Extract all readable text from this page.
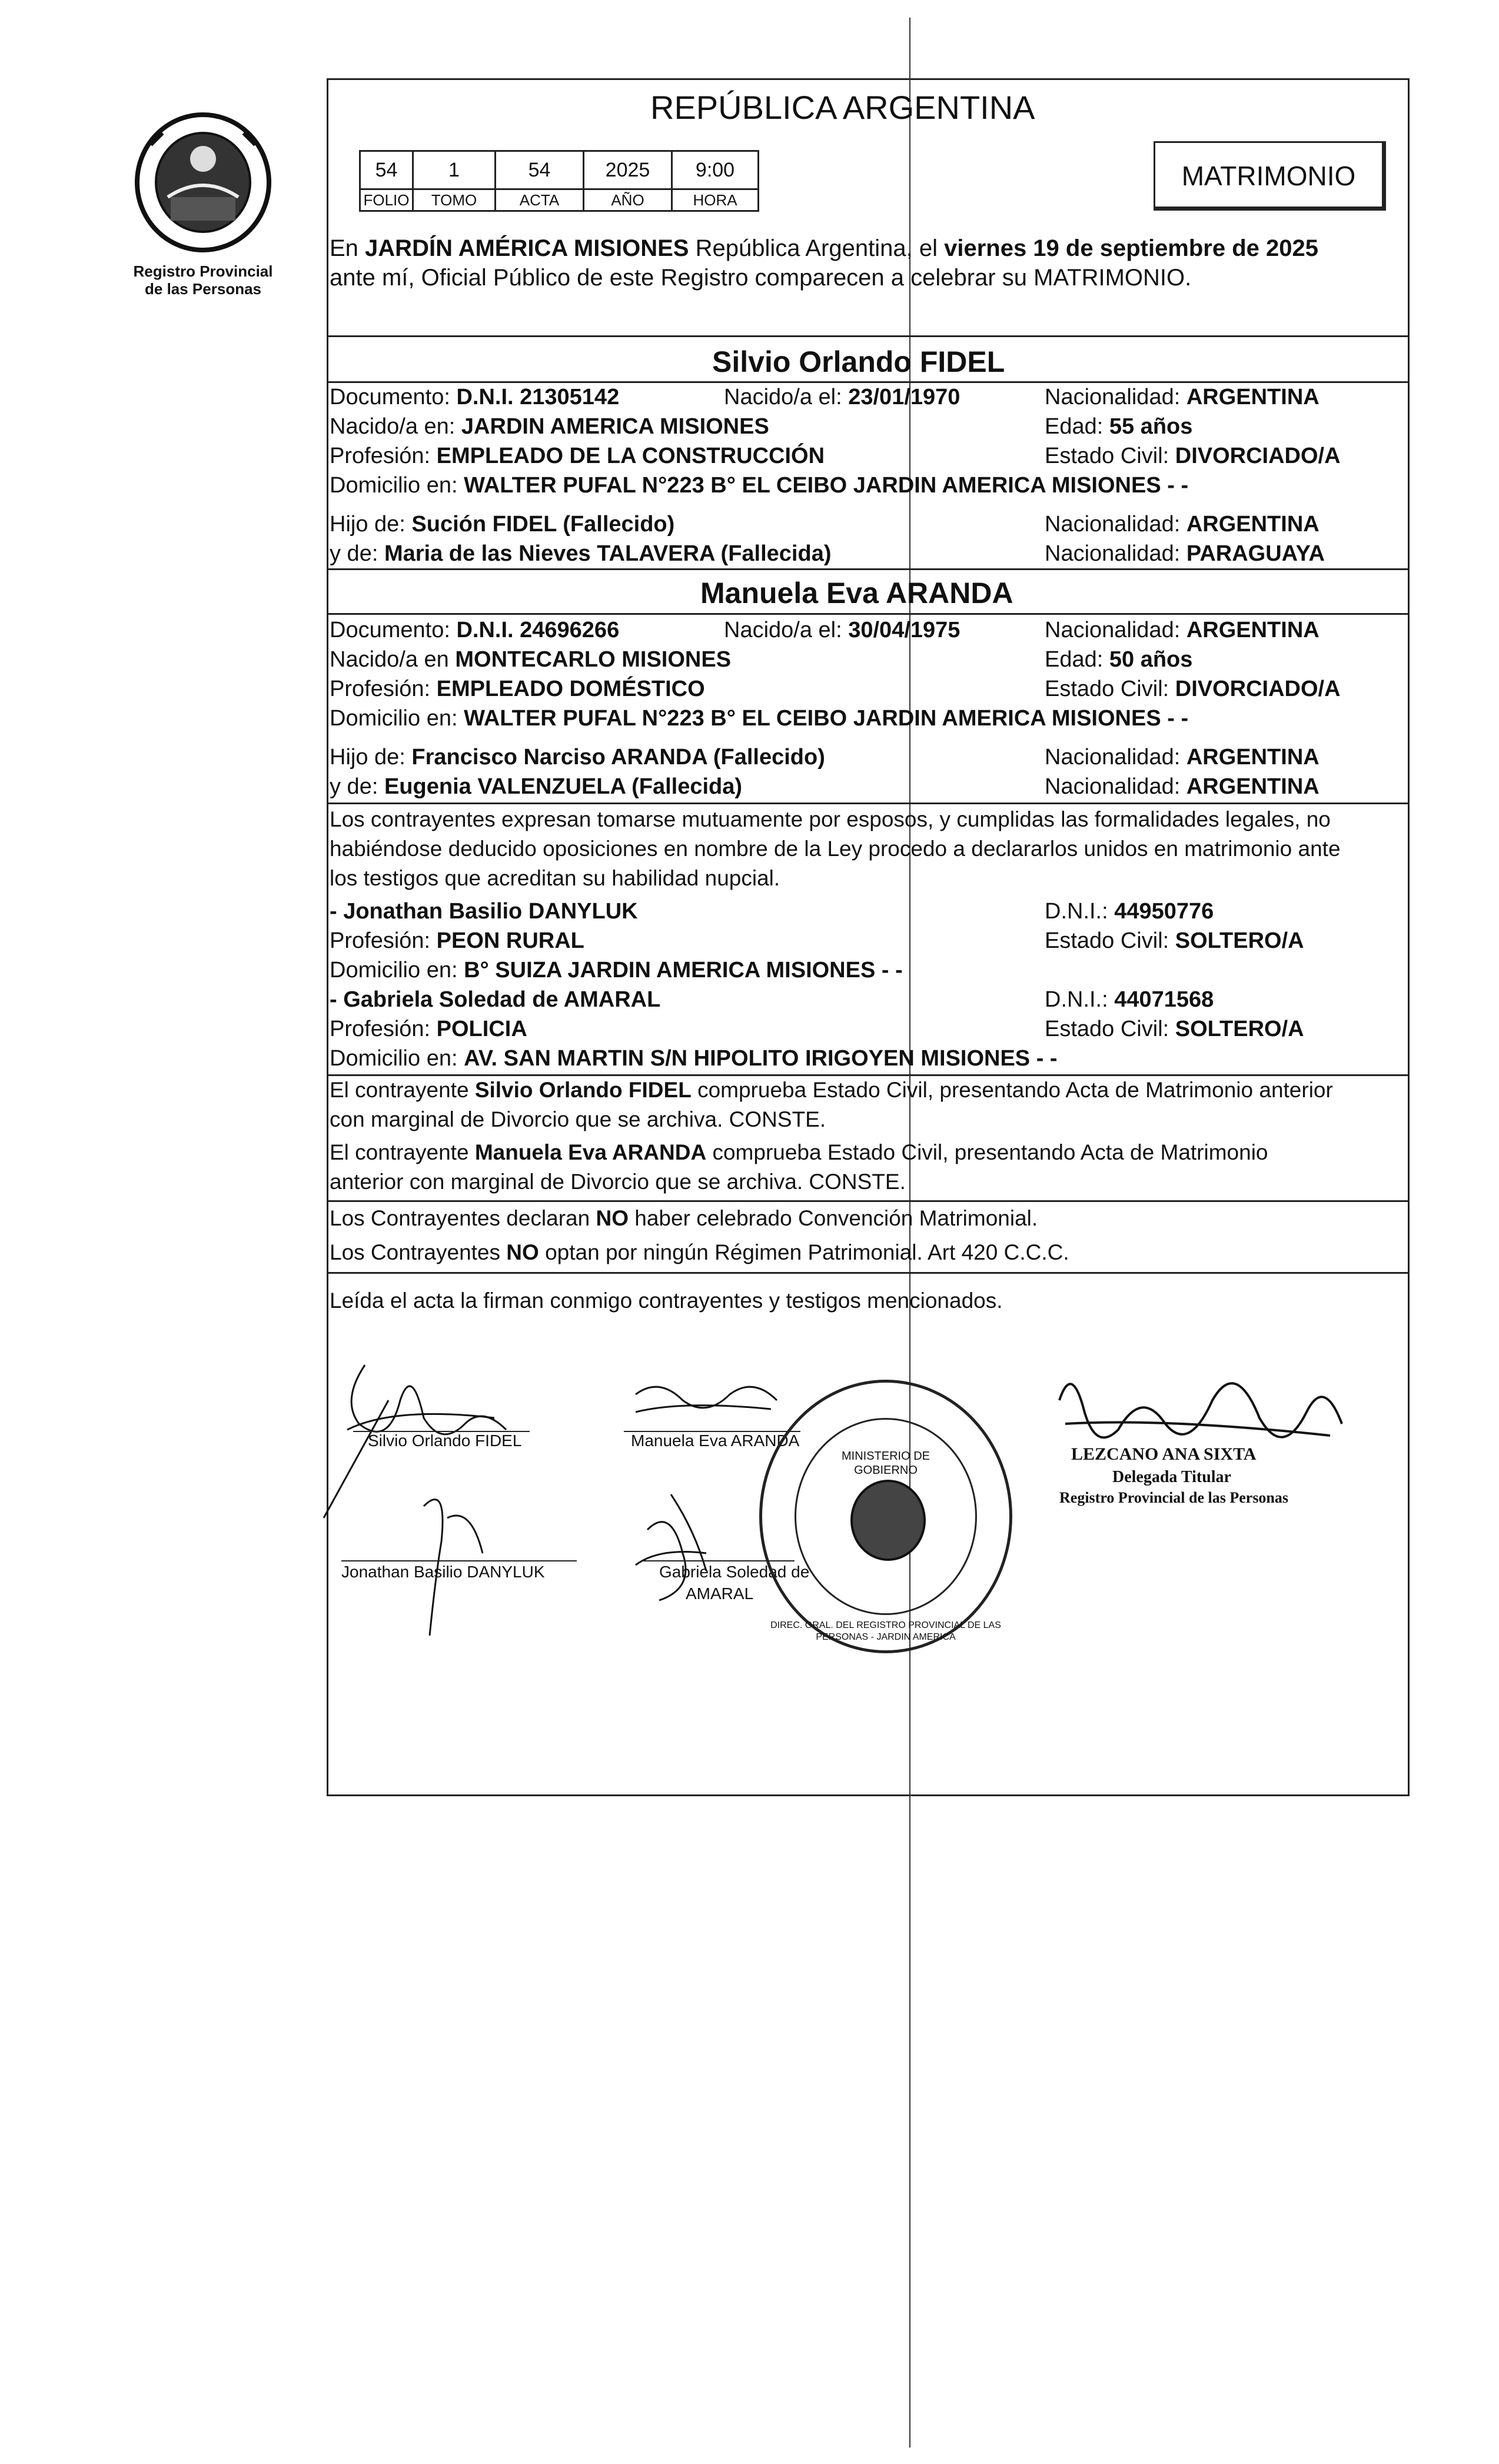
Registro Provincial
de las Personas
REPÚBLICA ARGENTINA
54	1	54	2025	9:00
FOLIO	TOMO	ACTA	AÑO	HORA
MATRIMONIO
En JARDÍN AMÉRICA MISIONES República Argentina, el viernes 19 de septiembre de 2025
ante mí, Oficial Público de este Registro comparecen a celebrar su MATRIMONIO.
Silvio Orlando FIDEL
Documento: D.N.I. 21305142	Nacido/a el: 23/01/1970	Nacionalidad: ARGENTINA
Nacido/a en: JARDIN AMERICA MISIONES	Edad: 55 años
Profesión: EMPLEADO DE LA CONSTRUCCIÓN	Estado Civil: DIVORCIADO/A
Domicilio en: WALTER PUFAL N°223 B° EL CEIBO JARDIN AMERICA MISIONES - -
Hijo de: Sución FIDEL (Fallecido)	Nacionalidad: ARGENTINA
y de: Maria de las Nieves TALAVERA (Fallecida)	Nacionalidad: PARAGUAYA
Manuela Eva ARANDA
Documento: D.N.I. 24696266	Nacido/a el: 30/04/1975	Nacionalidad: ARGENTINA
Nacido/a en MONTECARLO MISIONES	Edad: 50 años
Profesión: EMPLEADO DOMÉSTICO	Estado Civil: DIVORCIADO/A
Domicilio en: WALTER PUFAL N°223 B° EL CEIBO JARDIN AMERICA MISIONES - -
Hijo de: Francisco Narciso ARANDA (Fallecido)	Nacionalidad: ARGENTINA
y de: Eugenia VALENZUELA (Fallecida)	Nacionalidad: ARGENTINA
Los contrayentes expresan tomarse mutuamente por esposos, y cumplidas las formalidades legales, no
habiéndose deducido oposiciones en nombre de la Ley procedo a declararlos unidos en matrimonio ante
los testigos que acreditan su habilidad nupcial.
- Jonathan Basilio DANYLUK	D.N.I.: 44950776
Profesión: PEON RURAL	Estado Civil: SOLTERO/A
Domicilio en: B° SUIZA JARDIN AMERICA MISIONES - -
- Gabriela Soledad de AMARAL	D.N.I.: 44071568
Profesión: POLICIA	Estado Civil: SOLTERO/A
Domicilio en: AV. SAN MARTIN S/N HIPOLITO IRIGOYEN MISIONES - -
El contrayente Silvio Orlando FIDEL comprueba Estado Civil, presentando Acta de Matrimonio anterior
con marginal de Divorcio que se archiva. CONSTE.
El contrayente Manuela Eva ARANDA comprueba Estado Civil, presentando Acta de Matrimonio
anterior con marginal de Divorcio que se archiva. CONSTE.
Los Contrayentes declaran NO haber celebrado Convención Matrimonial.
Los Contrayentes NO optan por ningún Régimen Patrimonial. Art 420 C.C.C.
Leída el acta la firman conmigo contrayentes y testigos mencionados.
Silvio Orlando FIDEL	Manuela Eva ARANDA
Jonathan Basilio DANYLUK	Gabriela Soledad de
AMARAL
DIREC. GRAL. DEL REGISTRO PROVINCIAL DE LAS PERSONAS - JARDIN AMERICA
MINISTERIO DE GOBIERNO
LEZCANO ANA SIXTA
Delegada Titular
Registro Provincial de las Personas
